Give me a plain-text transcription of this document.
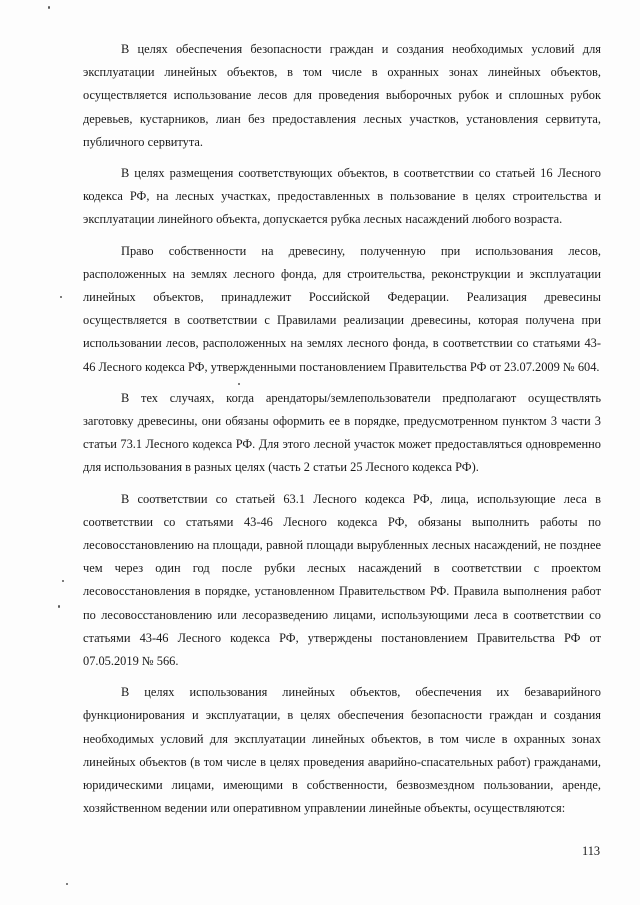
В целях обеспечения безопасности граждан и создания необходимых условий для эксплуатации линейных объектов, в том числе в охранных зонах линейных объектов, осуществляется использование лесов для проведения выборочных рубок и сплошных рубок деревьев, кустарников, лиан без предоставления лесных участков, установления сервитута, публичного сервитута.

В целях размещения соответствующих объектов, в соответствии со статьей 16 Лесного кодекса РФ, на лесных участках, предоставленных в пользование в целях строительства и эксплуатации линейного объекта, допускается рубка лесных насаждений любого возраста.

Право собственности на древесину, полученную при использования лесов, расположенных на землях лесного фонда, для строительства, реконструкции и эксплуатации линейных объектов, принадлежит Российской Федерации. Реализация древесины осуществляется в соответствии с Правилами реализации древесины, которая получена при использовании лесов, расположенных на землях лесного фонда, в соответствии со статьями 43-46 Лесного кодекса РФ, утвержденными постановлением Правительства РФ от 23.07.2009 № 604.

В тех случаях, когда арендаторы/землепользователи предполагают осуществлять заготовку древесины, они обязаны оформить ее в порядке, предусмотренном пунктом 3 части 3 статьи 73.1 Лесного кодекса РФ. Для этого лесной участок может предоставляться одновременно для использования в разных целях (часть 2 статьи 25 Лесного кодекса РФ).

В соответствии со статьей 63.1 Лесного кодекса РФ, лица, использующие леса в соответствии со статьями 43-46 Лесного кодекса РФ, обязаны выполнить работы по лесовосстановлению на площади, равной площади вырубленных лесных насаждений, не позднее чем через один год после рубки лесных насаждений в соответствии с проектом лесовосстановления в порядке, установленном Правительством РФ. Правила выполнения работ по лесовосстановлению или лесоразведению лицами, использующими леса в соответствии со статьями 43-46 Лесного кодекса РФ, утверждены постановлением Правительства РФ от 07.05.2019 № 566.

В целях использования линейных объектов, обеспечения их безаварийного функционирования и эксплуатации, в целях обеспечения безопасности граждан и создания необходимых условий для эксплуатации линейных объектов, в том числе в охранных зонах линейных объектов (в том числе в целях проведения аварийно-спасательных работ) гражданами, юридическими лицами, имеющими в собственности, безвозмездном пользовании, аренде, хозяйственном ведении или оперативном управлении линейные объекты, осуществляются:

113
